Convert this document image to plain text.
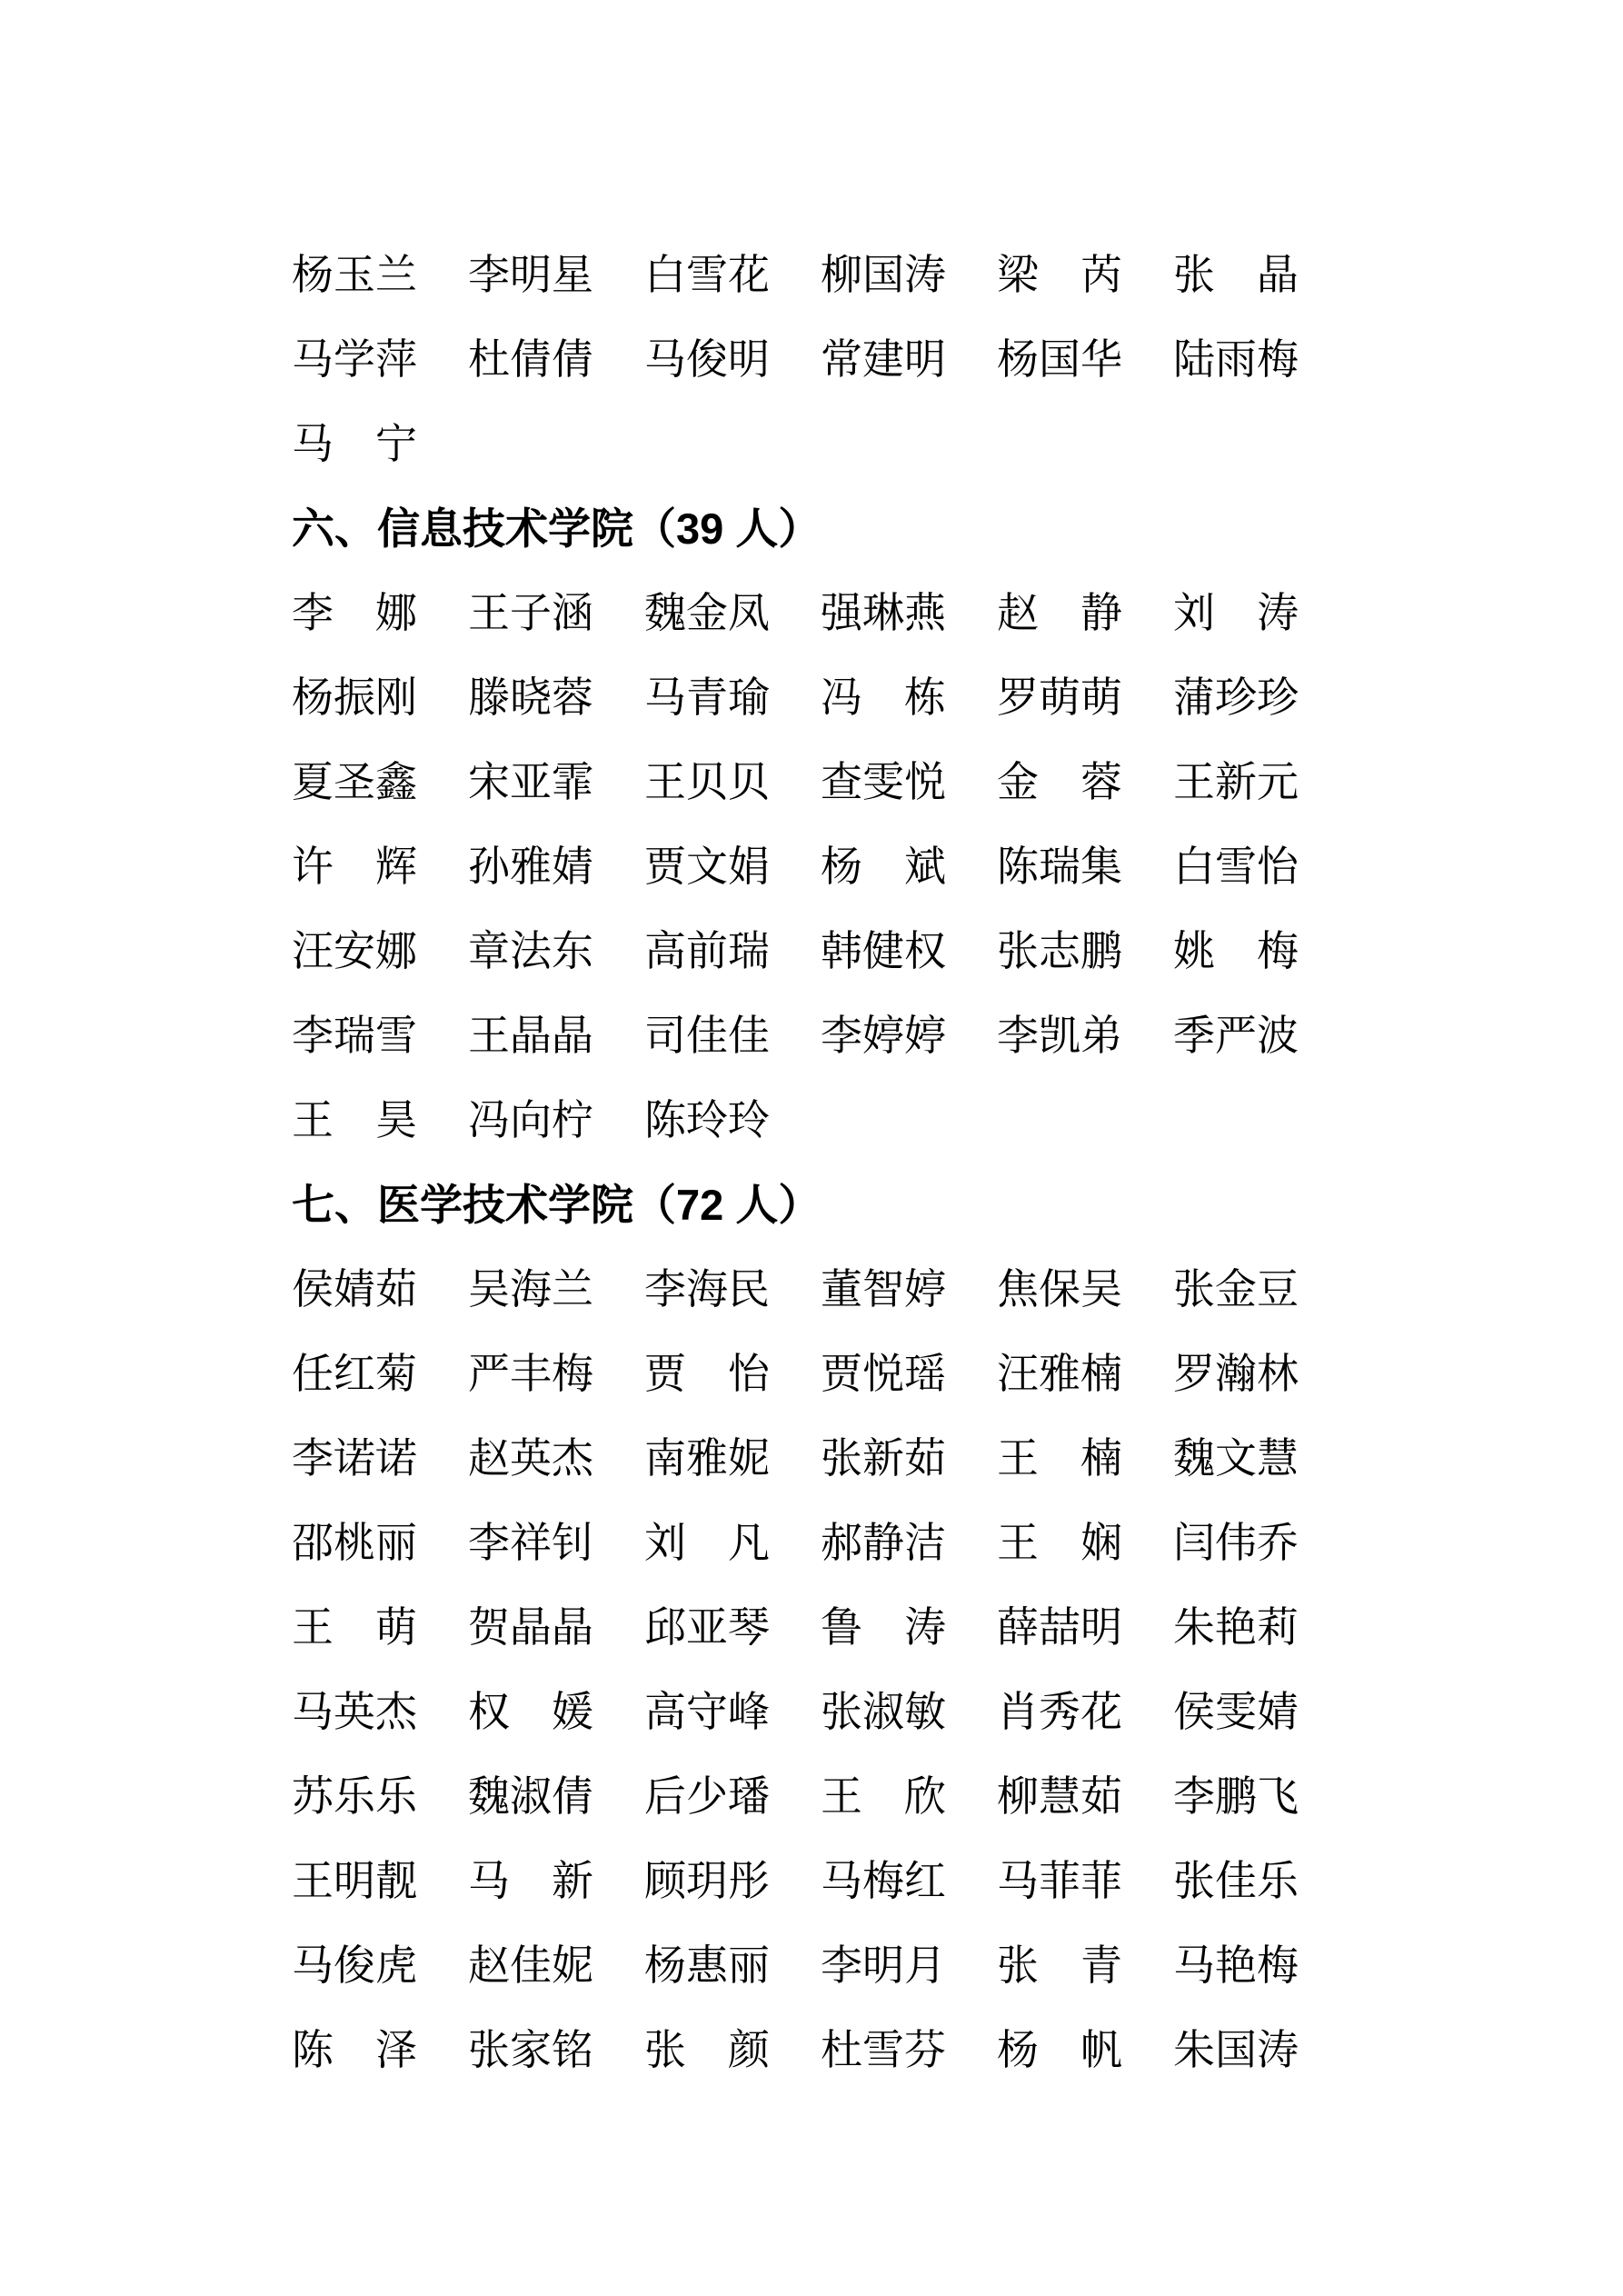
杨玉兰 李明星 白雪花 柳国涛 梁 芮 张 晶
马学萍 杜倩倩 马俊明 常建明 杨国华 陆雨梅
马 宁
六、信息技术学院（39 人）
李 娜 王子涵 魏金凤 强琳燕 赵 静 刘 涛
杨振刚 滕晓蓉 马青瑜 冯 栋 罗萌萌 蒲珍珍
夏圣鑫 宋亚霏 王贝贝 查雯悦 金 蓉 王新元
许 辉 孙雅婧 贾文娟 杨 斌 陈瑞集 白雪怡
汪安娜 章法东 高前瑞 韩健权 张志鹏 姚 梅
李瑞雪 王晶晶 司佳佳 李婷婷 李凯弟 季严波
王 昊 冯向柠 陈玲玲
七、医学技术学院（72 人）
侯婧茹 吴海兰 李海民 董智婷 焦保吴 张金豆
任红菊 严丰梅 贾 怡 贾悦瑶 汪雅楠 罗瀚林
李诺诺 赵英杰 南雅妮 张新茹 王 楠 魏文慧
邵桃丽 李祥钊 刘 凡 郝静洁 王 娴 闫伟乔
王 萌 贺晶晶 邱亚琴 鲁 涛 薛喆明 朱艳莉
马英杰 权 媛 高守峰 张淑敏 肖秀花 侯雯婧
苏乐乐 魏淑倩 后少璠 王 欣 柳慧茹 李鹏飞
王明靓 马 新 顾玥彤 马梅红 马菲菲 张佳乐
马俊虎 赵佳妮 杨惠丽 李明月 张 青 马艳梅
陈 泽 张家铭 张 颜 杜雪芬 杨 帆 朱国涛
